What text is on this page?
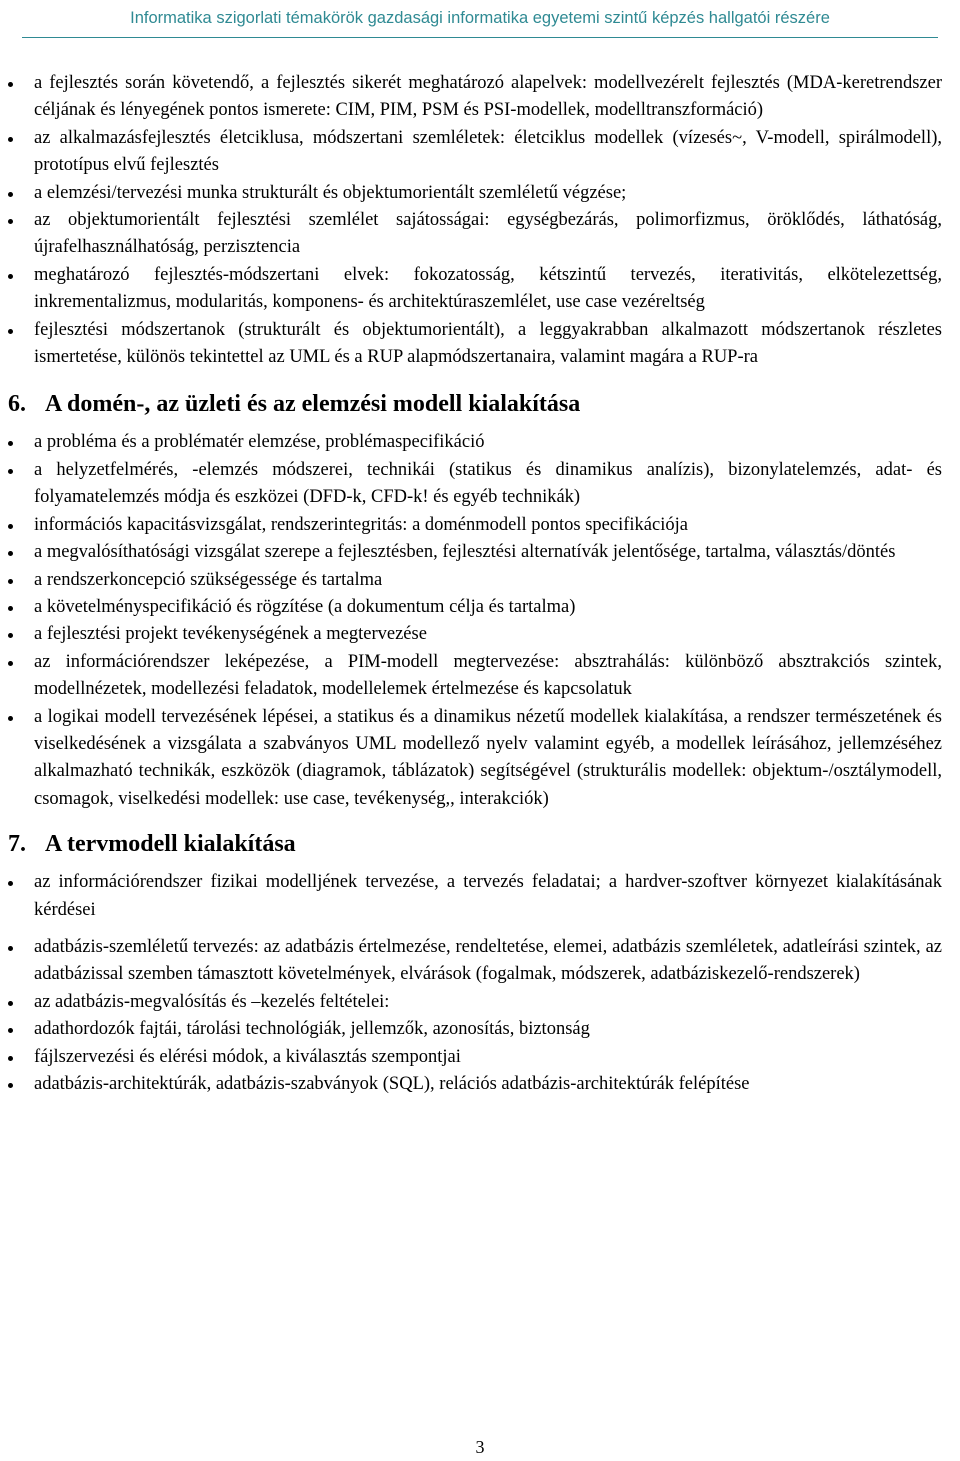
Informatika szigorlati témakörök gazdasági informatika egyetemi szintű képzés hallgatói részére
a fejlesztés során követendő, a fejlesztés sikerét meghatározó alapelvek: modellvezérelt fejlesztés (MDA-keretrendszer céljának és lényegének pontos ismerete: CIM, PIM, PSM és PSI-modellek, modelltranszformáció)
az alkalmazásfejlesztés életciklusa, módszertani szemléletek: életciklus modellek (vízesés~, V-modell, spirálmodell), prototípus elvű fejlesztés
a elemzési/tervezési munka strukturált és objektumorientált szemléletű végzése;
az objektumorientált fejlesztési szemlélet sajátosságai: egységbezárás, polimorfizmus, öröklődés, láthatóság, újrafelhasználhatóság, perzisztencia
meghatározó fejlesztés-módszertani elvek: fokozatosság, kétszintű tervezés, iterativitás, elkötelezettség, inkrementalizmus, modularitás, komponens- és architektúraszemlélet, use case vezéreltség
fejlesztési módszertanok (strukturált és objektumorientált), a leggyakrabban alkalmazott módszertanok részletes ismertetése, különös tekintettel az UML és a RUP alapmódszertanaira, valamint magára a RUP-ra
6. A domén-, az üzleti és az elemzési modell kialakítása
a probléma és a problématér elemzése, problémaspecifikáció
a helyzetfelmérés, -elemzés módszerei, technikái (statikus és dinamikus analízis), bizonylatelemzés, adat- és folyamatelemzés módja és eszközei (DFD-k, CFD-k! és egyéb technikák)
információs kapacitásvizsgálat, rendszerintegritás: a doménmodell pontos specifikációja
a megvalósíthatósági vizsgálat szerepe a fejlesztésben, fejlesztési alternatívák jelentősége, tartalma, választás/döntés
a rendszerkoncepció szükségessége és tartalma
a követelményspecifikáció és rögzítése (a dokumentum célja és tartalma)
a fejlesztési projekt tevékenységének a megtervezése
az információrendszer leképezése, a PIM-modell megtervezése: absztrahálás: különböző absztrakciós szintek, modellnézetek, modellezési feladatok, modellelemek értelmezése és kapcsolatuk
a logikai modell tervezésének lépései, a statikus és a dinamikus nézetű modellek kialakítása, a rendszer természetének és viselkedésének a vizsgálata a szabványos UML modellező nyelv valamint egyéb, a modellek leírásához, jellemzéséhez alkalmazható technikák, eszközök (diagramok, táblázatok) segítségével (strukturális modellek: objektum-/osztálymodell, csomagok, viselkedési modellek: use case, tevékenység,, interakciók)
7. A tervmodell kialakítása
az információrendszer fizikai modelljének tervezése, a tervezés feladatai; a hardver-szoftver környezet kialakításának kérdései
adatbázis-szemléletű tervezés: az adatbázis értelmezése, rendeltetése, elemei, adatbázis szemléletek, adatleírási szintek, az adatbázissal szemben támasztott követelmények, elvárások (fogalmak, módszerek, adatbáziskezelő-rendszerek)
az adatbázis-megvalósítás és –kezelés feltételei:
adathordozók fajtái, tárolási technológiák, jellemzők, azonosítás, biztonság
fájlszervezési és elérési módok, a kiválasztás szempontjai
adatbázis-architektúrák, adatbázis-szabványok (SQL), relációs adatbázis-architektúrák felépítése
3
